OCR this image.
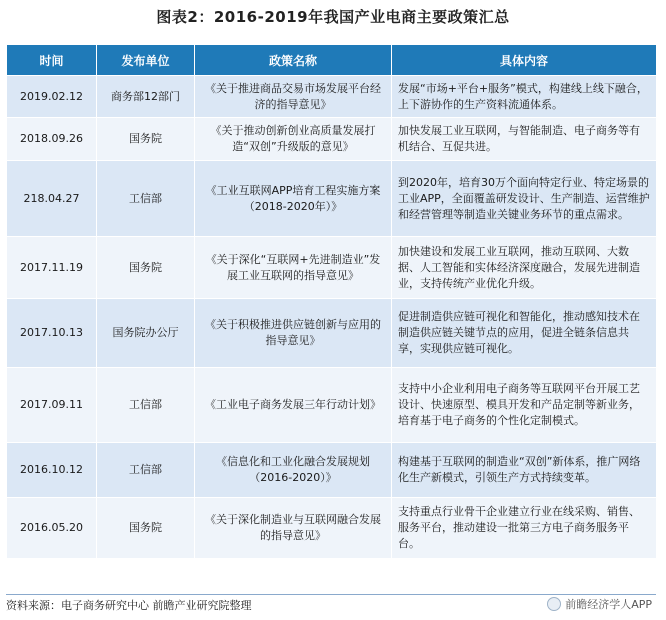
图表2：2016-2019年我国产业电商主要政策汇总
时间	发布单位	政策名称	具体内容
2019.02.12	商务部12部门	《关于推进商品交易市场发展平台经济的指导意见》	发展“市场+平台+服务”模式，构建线上线下融合，上下游协作的生产资料流通体系。
2018.09.26	国务院	《关于推动创新创业高质量发展打造“双创”升级版的意见》	加快发展工业互联网，与智能制造、电子商务等有机结合、互促共进。
218.04.27	工信部	《工业互联网APP培育工程实施方案（2018-2020年）》	到2020年，培育30万个面向特定行业、特定场景的工业APP，全面覆盖研发设计、生产制造、运营维护和经营管理等制造业关键业务环节的重点需求。
2017.11.19	国务院	《关于深化“互联网+先进制造业”发展工业互联网的指导意见》	加快建设和发展工业互联网，推动互联网、大数据、人工智能和实体经济深度融合，发展先进制造业，支持传统产业优化升级。
2017.10.13	国务院办公厅	《关于积极推进供应链创新与应用的指导意见》	促进制造供应链可视化和智能化，推动感知技术在制造供应链关键节点的应用，促进全链条信息共享，实现供应链可视化。
2017.09.11	工信部	《工业电子商务发展三年行动计划》	支持中小企业利用电子商务等互联网平台开展工艺设计、快速原型、模具开发和产品定制等新业务，培育基于电子商务的个性化定制模式。
2016.10.12	工信部	《信息化和工业化融合发展规划（2016-2020）》	构建基于互联网的制造业“双创”新体系，推广网络化生产新模式，引领生产方式持续变革。
2016.05.20	国务院	《关于深化制造业与互联网融合发展的指导意见》	支持重点行业骨干企业建立行业在线采购、销售、服务平台，推动建设一批第三方电子商务服务平台。
资料来源：电子商务研究中心 前瞻产业研究院整理	前瞻经济学人APP
